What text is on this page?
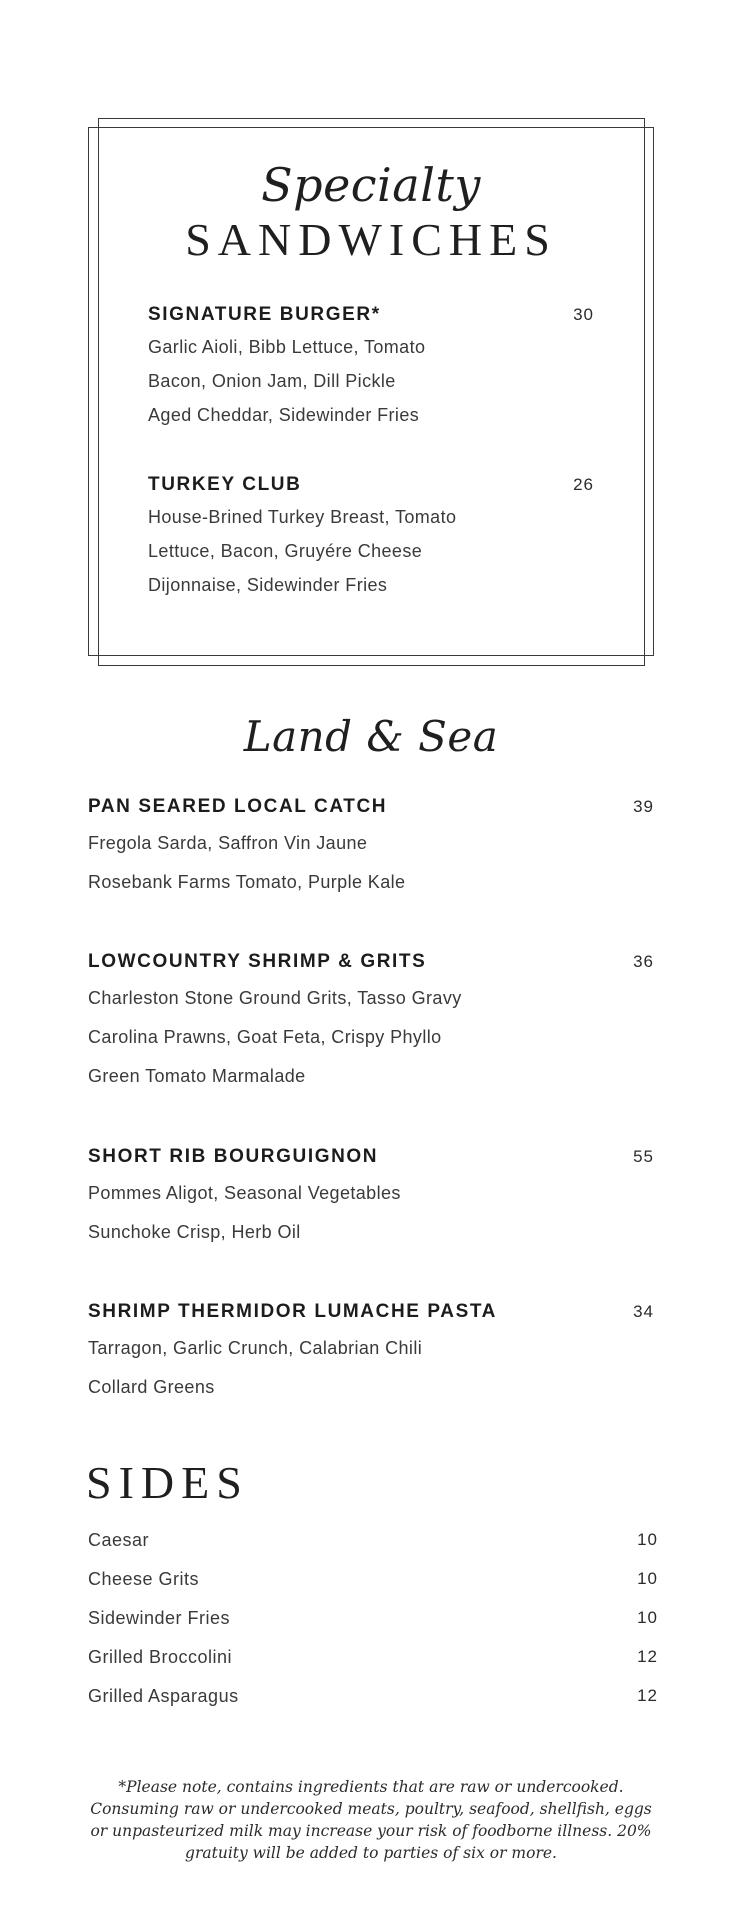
Specialty
SANDWICHES
SIGNATURE BURGER*	30
Garlic Aioli, Bibb Lettuce, Tomato
Bacon, Onion Jam, Dill Pickle
Aged Cheddar, Sidewinder Fries
TURKEY CLUB	26
House-Brined Turkey Breast, Tomato
Lettuce, Bacon, Gruyére Cheese
Dijonnaise, Sidewinder Fries
Land & Sea
PAN SEARED LOCAL CATCH	39
Fregola Sarda, Saffron Vin Jaune
Rosebank Farms Tomato, Purple Kale
LOWCOUNTRY SHRIMP & GRITS	36
Charleston Stone Ground Grits, Tasso Gravy
Carolina Prawns, Goat Feta, Crispy Phyllo
Green Tomato Marmalade
SHORT RIB BOURGUIGNON	55
Pommes Aligot, Seasonal Vegetables
Sunchoke Crisp, Herb Oil
SHRIMP THERMIDOR LUMACHE PASTA	34
Tarragon, Garlic Crunch, Calabrian Chili
Collard Greens
SIDES
Caesar	10
Cheese Grits	10
Sidewinder Fries	10
Grilled Broccolini	12
Grilled Asparagus	12
*Please note, contains ingredients that are raw or undercooked. Consuming raw or undercooked meats, poultry, seafood, shellfish, eggs or unpasteurized milk may increase your risk of foodborne illness. 20% gratuity will be added to parties of six or more.
